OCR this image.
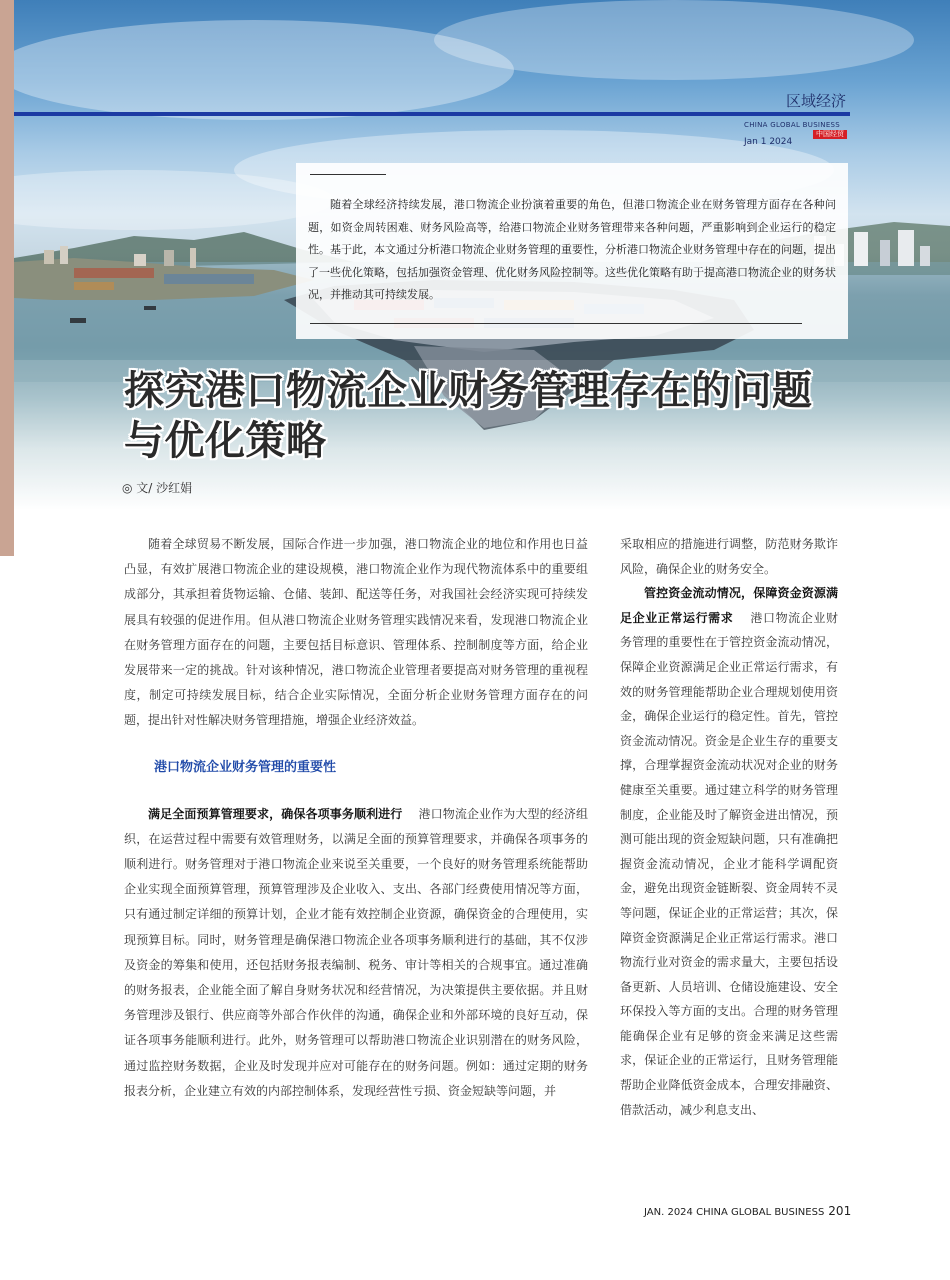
区域经济
CHINA GLOBAL BUSINESS
Jan 1 2024
中国经贸

随着全球经济持续发展，港口物流企业扮演着重要的角色，但港口物流企业在财务管理方面存在各种问题，如资金周转困难、财务风险高等，给港口物流企业财务管理带来各种问题，严重影响到企业运行的稳定性。基于此，本文通过分析港口物流企业财务管理的重要性，分析港口物流企业财务管理中存在的问题，提出了一些优化策略，包括加强资金管理、优化财务风险控制等。这些优化策略有助于提高港口物流企业的财务状况，并推动其可持续发展。

探究港口物流企业财务管理存在的问题
与优化策略
◎ 文/ 沙红娟

随着全球贸易不断发展，国际合作进一步加强，港口物流企业的地位和作用也日益凸显，有效扩展港口物流企业的建设规模，港口物流企业作为现代物流体系中的重要组成部分，其承担着货物运输、仓储、装卸、配送等任务，对我国社会经济实现可持续发展具有较强的促进作用。但从港口物流企业财务管理实践情况来看，发现港口物流企业在财务管理方面存在的问题，主要包括目标意识、管理体系、控制制度等方面，给企业发展带来一定的挑战。针对该种情况，港口物流企业管理者要提高对财务管理的重视程度，制定可持续发展目标，结合企业实际情况，全面分析企业财务管理方面存在的问题，提出针对性解决财务管理措施，增强企业经济效益。

港口物流企业财务管理的重要性

满足全面预算管理要求，确保各项事务顺利进行　 港口物流企业作为大型的经济组织，在运营过程中需要有效管理财务，以满足全面的预算管理要求，并确保各项事务的顺利进行。财务管理对于港口物流企业来说至关重要，一个良好的财务管理系统能帮助企业实现全面预算管理，预算管理涉及企业收入、支出、各部门经费使用情况等方面，只有通过制定详细的预算计划，企业才能有效控制企业资源，确保资金的合理使用，实现预算目标。同时，财务管理是确保港口物流企业各项事务顺利进行的基础，其不仅涉及资金的筹集和使用，还包括财务报表编制、税务、审计等相关的合规事宜。通过准确的财务报表，企业能全面了解自身财务状况和经营情况，为决策提供主要依据。并且财务管理涉及银行、供应商等外部合作伙伴的沟通，确保企业和外部环境的良好互动，保证各项事务能顺利进行。此外，财务管理可以帮助港口物流企业识别潜在的财务风险，通过监控财务数据，企业及时发现并应对可能存在的财务问题。例如：通过定期的财务报表分析，企业建立有效的内部控制体系，发现经营性亏损、资金短缺等问题，并

采取相应的措施进行调整，防范财务欺诈风险，确保企业的财务安全。

管控资金流动情况，保障资金资源满足企业正常运行需求　 港口物流企业财务管理的重要性在于管控资金流动情况，保障企业资源满足企业正常运行需求，有效的财务管理能帮助企业合理规划使用资金，确保企业运行的稳定性。首先，管控资金流动情况。资金是企业生存的重要支撑，合理掌握资金流动状况对企业的财务健康至关重要。通过建立科学的财务管理制度，企业能及时了解资金进出情况，预测可能出现的资金短缺问题，只有准确把握资金流动情况，企业才能科学调配资金，避免出现资金链断裂、资金周转不灵等问题，保证企业的正常运营；其次，保障资金资源满足企业正常运行需求。港口物流行业对资金的需求量大，主要包括设备更新、人员培训、仓储设施建设、安全环保投入等方面的支出。合理的财务管理能确保企业有足够的资金来满足这些需求，保证企业的正常运行，且财务管理能帮助企业降低资金成本，合理安排融资、借款活动，减少利息支出、

JAN. 2024 CHINA GLOBAL BUSINESS 201
